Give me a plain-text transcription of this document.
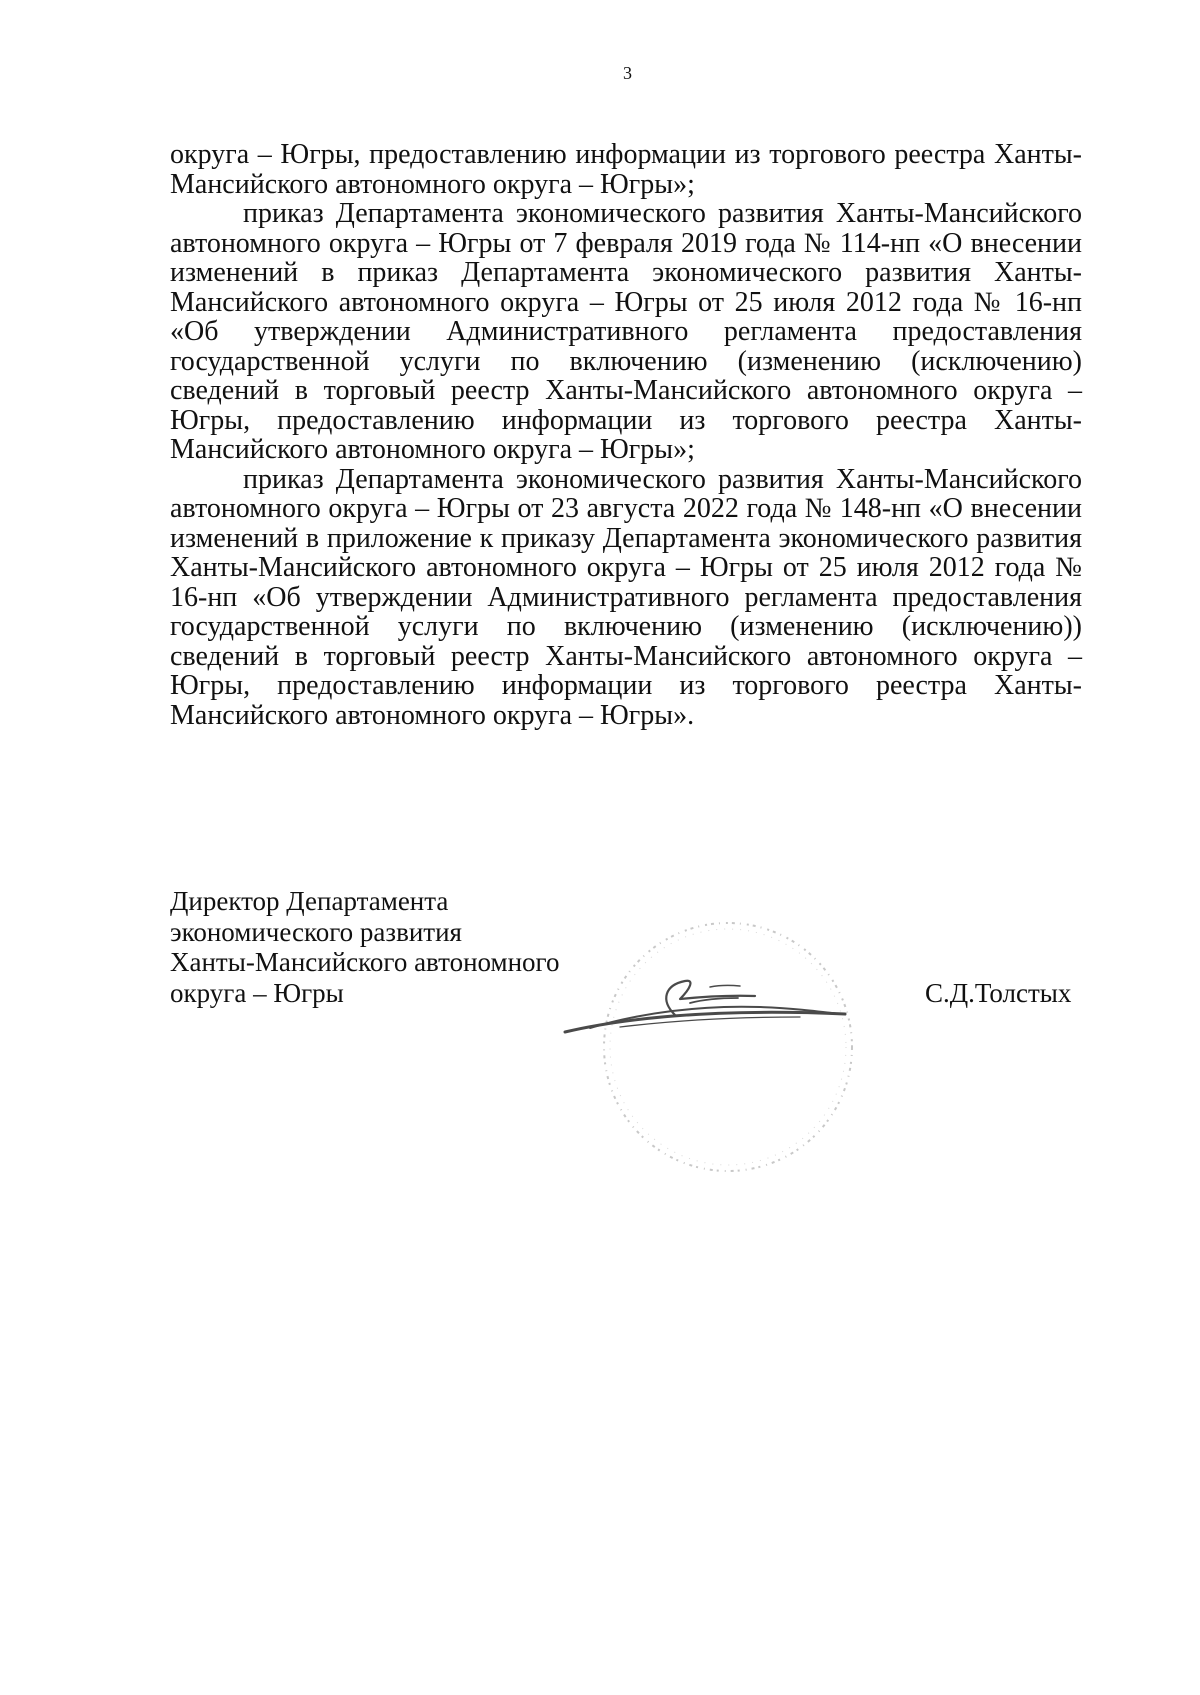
3

округа – Югры, предоставлению информации из торгового реестра Ханты-Мансийского автономного округа – Югры»;

приказ Департамента экономического развития Ханты-Мансийского автономного округа – Югры от 7 февраля 2019 года № 114-нп «О внесении изменений в приказ Департамента экономического развития Ханты-Мансийского автономного округа – Югры от 25 июля 2012 года № 16-нп «Об утверждении Административного регламента предоставления государственной услуги по включению (изменению (исключению) сведений в торговый реестр Ханты-Мансийского автономного округа – Югры, предоставлению информации из торгового реестра Ханты-Мансийского автономного округа – Югры»;

приказ Департамента экономического развития Ханты-Мансийского автономного округа – Югры от 23 августа 2022 года № 148-нп «О внесении изменений в приложение к приказу Департамента экономического развития Ханты-Мансийского автономного округа – Югры от 25 июля 2012 года № 16-нп «Об утверждении Административного регламента предоставления государственной услуги по включению (изменению (исключению)) сведений в торговый реестр Ханты-Мансийского автономного округа – Югры, предоставлению информации из торгового реестра Ханты-Мансийского автономного округа – Югры».

Директор Департамента
экономического развития
Ханты-Мансийского автономного
округа – Югры	С.Д.Толстых
